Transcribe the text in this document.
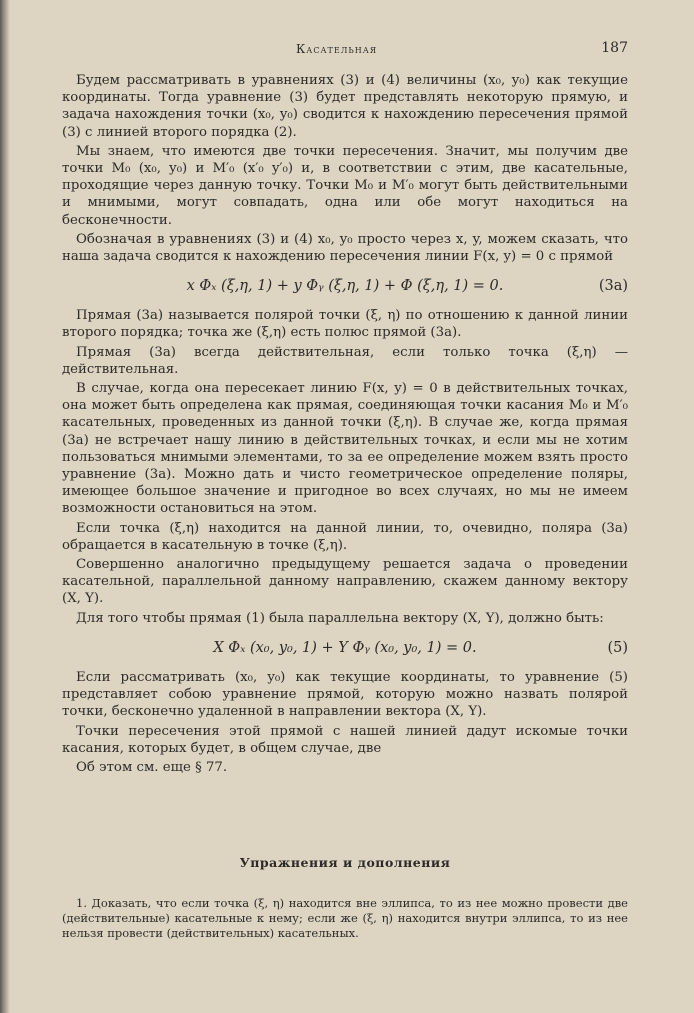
Касательная	187

Будем рассматривать в уравнениях (3) и (4) величины (x₀, y₀) как текущие координаты. Тогда уравнение (3) будет представлять некоторую прямую, и задача нахождения точки (x₀, y₀) сводится к нахождению пересечения прямой (3) с линией второго порядка (2).

Мы знаем, что имеются две точки пересечения. Значит, мы получим две точки M₀ (x₀, y₀) и M′₀ (x′₀ y′₀) и, в соответствии с этим, две касательные, проходящие через данную точку. Точки M₀ и M′₀ могут быть действительными и мнимыми, могут совпадать, одна или обе могут находиться на бесконечности.

Обозначая в уравнениях (3) и (4) x₀, y₀ просто через x, y, можем сказать, что наша задача сводится к нахождению пересечения линии F(x, y) = 0 с прямой

x Φₓ (ξ,η, 1) + y Φᵧ (ξ,η, 1) + Φ (ξ,η, 1) = 0.	(3a)

Прямая (3a) называется полярой точки (ξ, η) по отношению к данной линии второго порядка; точка же (ξ,η) есть полюс прямой (3a).

Прямая (3a) всегда действительная, если только точка (ξ,η) — действительная.

В случае, когда она пересекает линию F(x, y) = 0 в действительных точках, она может быть определена как прямая, соединяющая точки касания M₀ и M′₀ касательных, проведенных из данной точки (ξ,η). В случае же, когда прямая (3a) не встречает нашу линию в действительных точках, и если мы не хотим пользоваться мнимыми элементами, то за ее определение можем взять просто уравнение (3a). Можно дать и чисто геометрическое определение поляры, имеющее большое значение и пригодное во всех случаях, но мы не имеем возможности остановиться на этом.

Если точка (ξ,η) находится на данной линии, то, очевидно, поляра (3a) обращается в касательную в точке (ξ,η).

Совершенно аналогично предыдущему решается задача о проведении касательной, параллельной данному направлению, скажем данному вектору (X, Y).

Для того чтобы прямая (1) была параллельна вектору (X, Y), должно быть:

X Φₓ (x₀, y₀, 1) + Y Φᵧ (x₀, y₀, 1) = 0.	(5)

Если рассматривать (x₀, y₀) как текущие координаты, то уравнение (5) представляет собою уравнение прямой, которую можно назвать полярой точки, бесконечно удаленной в направлении вектора (X, Y).

Точки пересечения этой прямой с нашей линией дадут искомые точки касания, которых будет, в общем случае, две

Об этом см. еще § 77.

Упражнения и дополнения

1. Доказать, что если точка (ξ, η) находится вне эллипса, то из нее можно провести две (действительные) касательные к нему; если же (ξ, η) находится внутри эллипса, то из нее нельзя провести (действительных) касательных.
